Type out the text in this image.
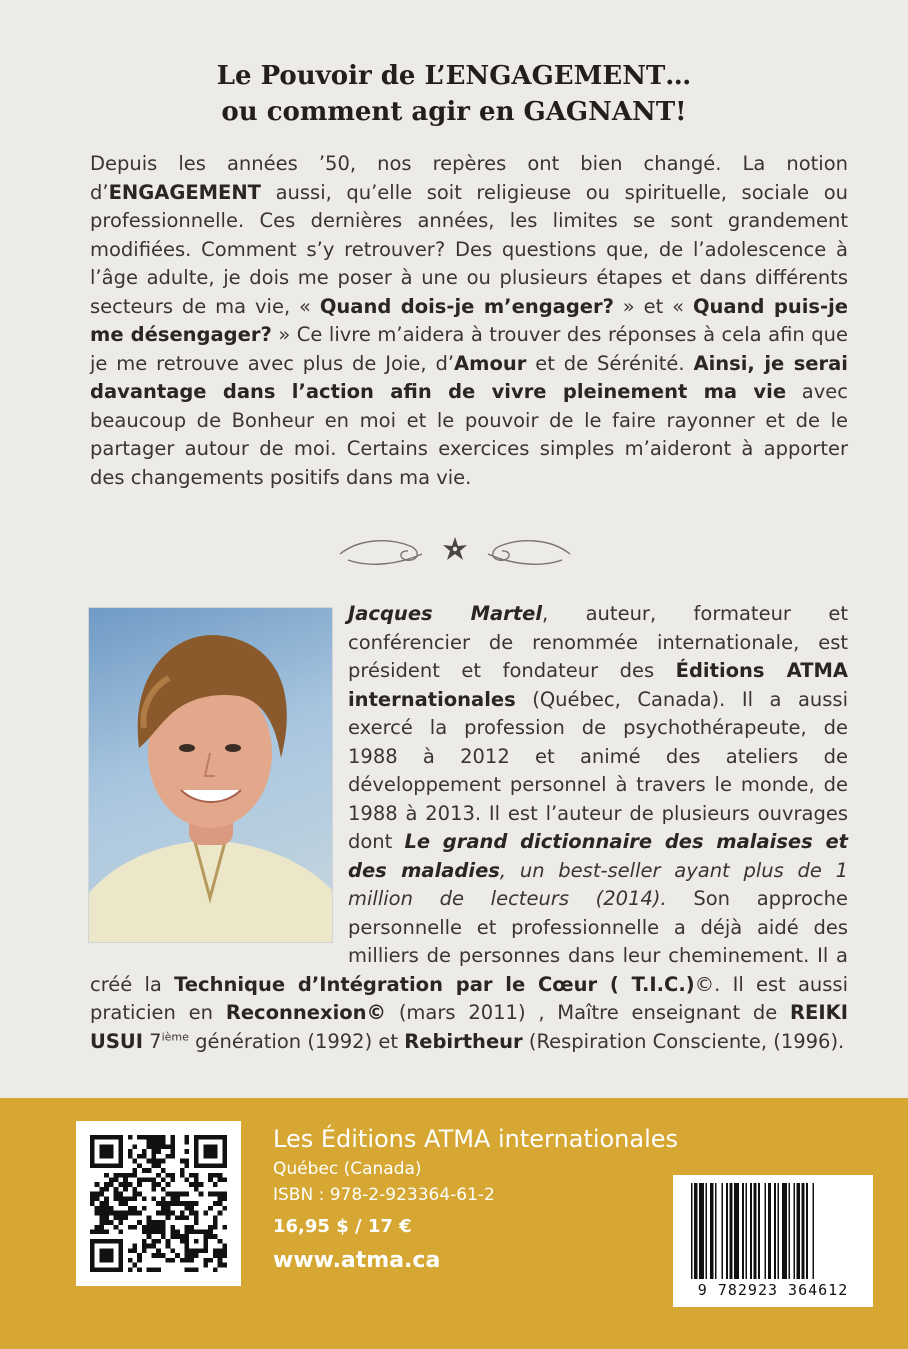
Le Pouvoir de L’ENGAGEMENT…
ou comment agir en GAGNANT!

Depuis les années ’50, nos repères ont bien changé. La notion d’ENGAGEMENT aussi, qu’elle soit religieuse ou spirituelle, sociale ou professionnelle. Ces dernières années, les limites se sont grandement modifiées. Comment s’y retrouver? Des questions que, de l’adolescence à l’âge adulte, je dois me poser à une ou plusieurs étapes et dans différents secteurs de ma vie, « Quand dois-je m’engager? » et « Quand puis-je me désengager? » Ce livre m’aidera à trouver des réponses à cela afin que je me retrouve avec plus de Joie, d’Amour et de Sérénité. Ainsi, je serai davantage dans l’action afin de vivre pleinement ma vie avec beaucoup de Bonheur en moi et le pouvoir de le faire rayonner et de le partager autour de moi. Certains exercices simples m’aideront à apporter des changements positifs dans ma vie.

Jacques Martel, auteur, formateur et conférencier de renommée internationale, est président et fondateur des Éditions ATMA internationales (Québec, Canada). Il a aussi exercé la profession de psychothérapeute, de 1988 à 2012 et animé des ateliers de développement personnel à travers le monde, de 1988 à 2013. Il est l’auteur de plusieurs ouvrages dont Le grand dictionnaire des malaises et des maladies, un best-seller ayant plus de 1 million de lecteurs (2014). Son approche personnelle et professionnelle a déjà aidé des milliers de personnes dans leur cheminement. Il a créé la Technique d’Intégration par le Cœur ( T.I.C.)©. Il est aussi praticien en Reconnexion© (mars 2011) , Maître enseignant de REIKI USUI 7ième génération (1992) et Rebirtheur (Respiration Consciente, (1996).

Les Éditions ATMA internationales
Québec (Canada)
ISBN : 978-2-923364-61-2
16,95 $ / 17 €
www.atma.ca
9 782923 364612
